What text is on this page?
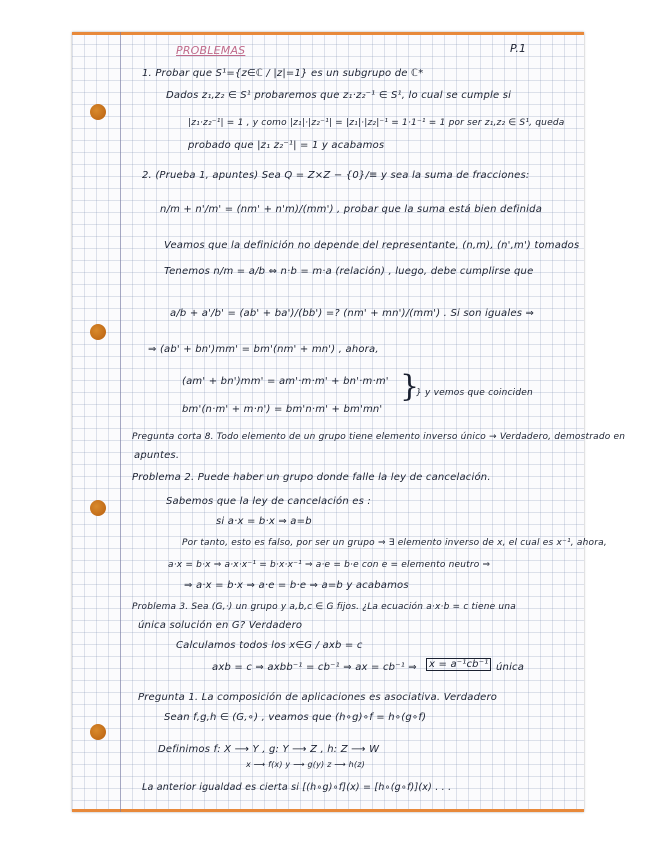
PROBLEMAS	P.1
1. Probar que S¹={z∈ℂ / |z|=1} es un subgrupo de ℂ*
Dados z₁,z₂ ∈ S¹ probaremos que z₁·z₂⁻¹ ∈ S¹, lo cual se cumple si
|z₁·z₂⁻¹| = 1 , y como |z₁|·|z₂⁻¹| = |z₁|·|z₂|⁻¹ = 1·1⁻¹ = 1 por ser z₁,z₂ ∈ S¹, queda
probado que |z₁ z₂⁻¹| = 1 y acabamos
2. (Prueba 1, apuntes) Sea Q = Z×Z − {0}/≡ y sea la suma de fracciones:
n/m + n'/m' = (nm' + n'm)/(mm') , probar que la suma está bien definida
Veamos que la definición no depende del representante, (n,m), (n',m') tomados
Tenemos n/m = a/b ⇔ n·b = m·a (relación) , luego, debe cumplirse que
a/b + a'/b' = (ab' + ba')/(bb') =? (nm' + mn')/(mm') . Si son iguales ⇒
⇒ (ab' + bn')mm' = bm'(nm' + mn') , ahora,
(am' + bn')mm' = am'·m·m' + bn'·m·m'
bm'(n·m' + m·n') = bm'n·m' + bm'mn'
}
} y vemos que coinciden
Pregunta corta 8. Todo elemento de un grupo tiene elemento inverso único → Verdadero, demostrado en
apuntes.
Problema 2. Puede haber un grupo donde falle la ley de cancelación.
Sabemos que la ley de cancelación es :
si a·x = b·x ⇒ a=b
Por tanto, esto es falso, por ser un grupo ⇒ ∃ elemento inverso de x, el cual es x⁻¹, ahora,
a·x = b·x ⇒ a·x·x⁻¹ = b·x·x⁻¹ ⇒ a·e = b·e con e = elemento neutro ⇒
⇒ a·x = b·x ⇒ a·e = b·e ⇒ a=b y acabamos
Problema 3. Sea (G,·) un grupo y a,b,c ∈ G fijos. ¿La ecuación a·x·b = c tiene una
única solución en G? Verdadero
Calculamos todos los x∈G / axb = c
axb = c ⇒ axbb⁻¹ = cb⁻¹ ⇒ ax = cb⁻¹ ⇒	x = a⁻¹cb⁻¹ única
Pregunta 1. La composición de aplicaciones es asociativa. Verdadero
Sean f,g,h ∈ (G,∘) , veamos que (h∘g)∘f = h∘(g∘f)
Definimos f: X ⟶ Y , g: Y ⟶ Z , h: Z ⟶ W
x ⟶ f(x) y ⟶ g(y) z ⟶ h(z)
La anterior igualdad es cierta si [(h∘g)∘f](x) = [h∘(g∘f)](x) . . .
